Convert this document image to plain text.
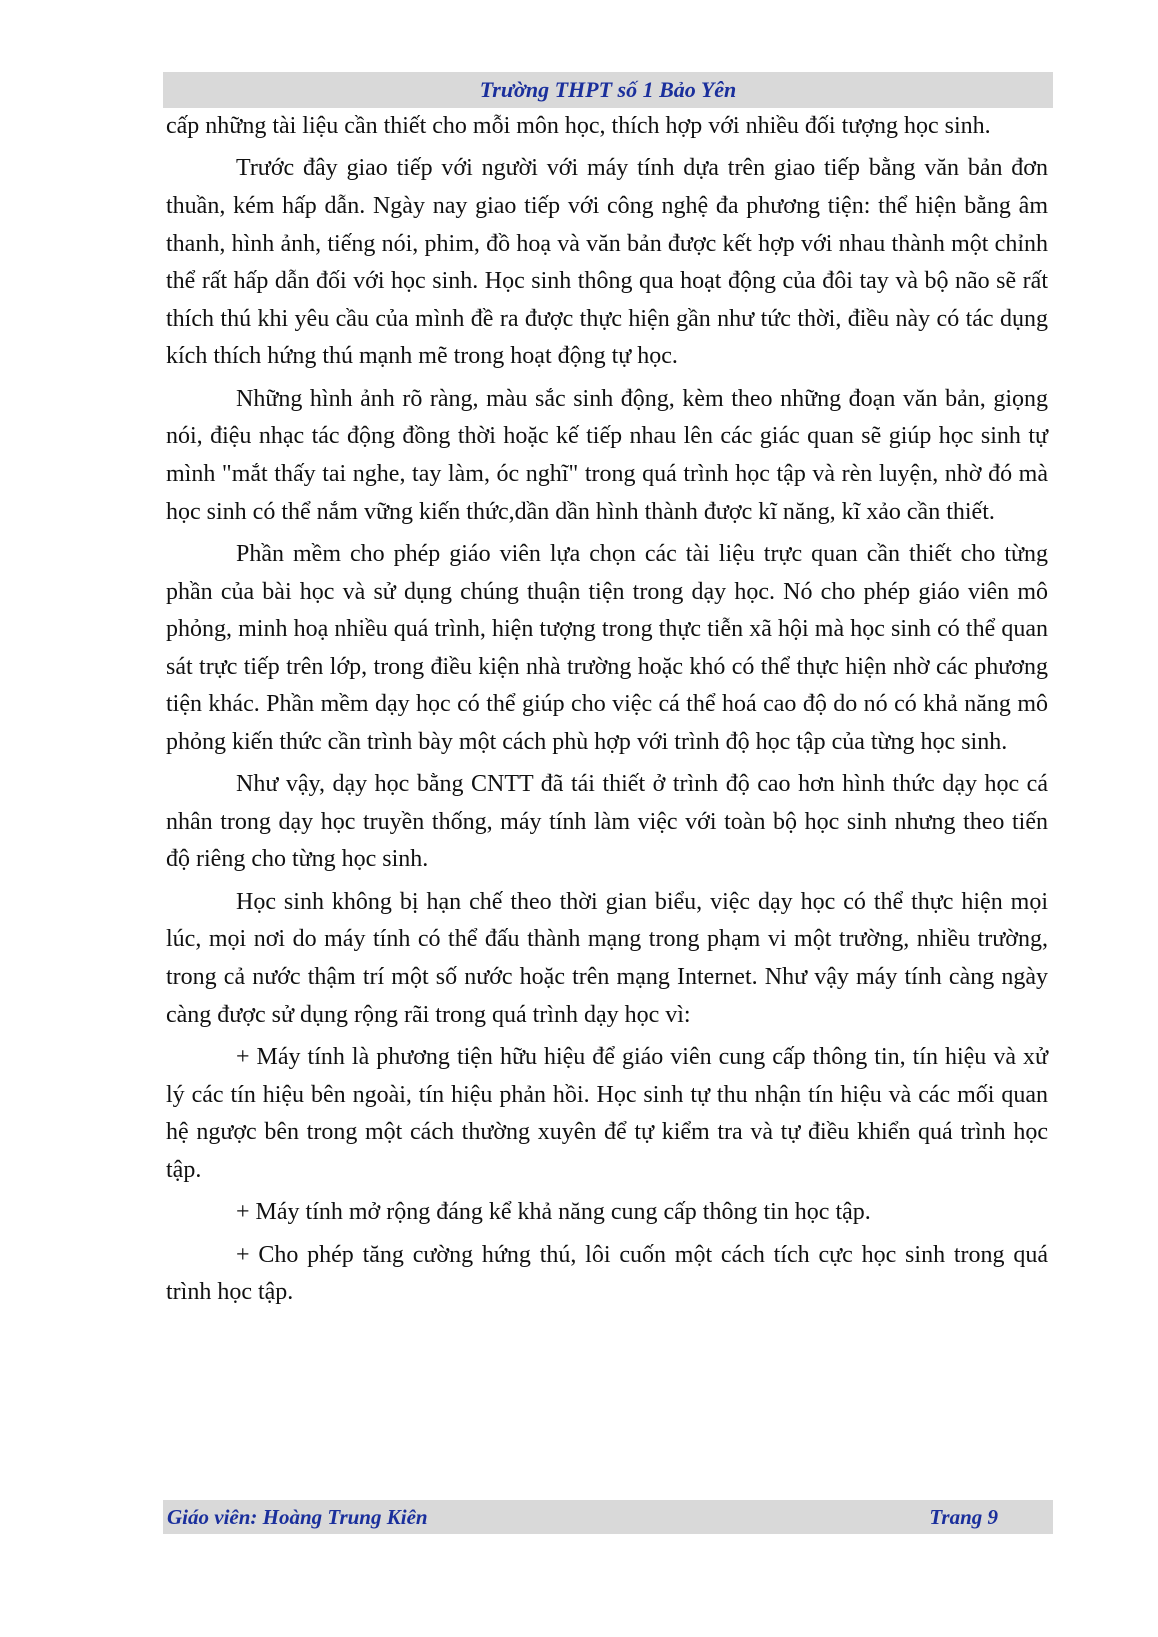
Trường THPT số 1 Bảo Yên

cấp những tài liệu cần thiết cho mỗi môn học, thích hợp với nhiều đối tượng học sinh.

Trước đây giao tiếp với người với máy tính dựa trên giao tiếp bằng văn bản đơn thuần, kém hấp dẫn. Ngày nay giao tiếp với công nghệ đa phương tiện: thể hiện bằng âm thanh, hình ảnh, tiếng nói, phim, đồ hoạ và văn bản được kết hợp với nhau thành một chỉnh thể rất hấp dẫn đối với học sinh. Học sinh thông qua hoạt động của đôi tay và bộ não sẽ rất thích thú khi yêu cầu của mình đề ra được thực hiện gần như tức thời, điều này có tác dụng kích thích hứng thú mạnh mẽ trong hoạt động tự học.

Những hình ảnh rõ ràng, màu sắc sinh động, kèm theo những đoạn văn bản, giọng nói, điệu nhạc tác động đồng thời hoặc kế tiếp nhau lên các giác quan sẽ giúp học sinh tự mình "mắt thấy tai nghe, tay làm, óc nghĩ" trong quá trình học tập và rèn luyện, nhờ đó mà học sinh có thể nắm vững kiến thức,dần dần hình thành được kĩ năng, kĩ xảo cần thiết.

Phần mềm cho phép giáo viên lựa chọn các tài liệu trực quan cần thiết cho từng phần của bài học và sử dụng chúng thuận tiện trong dạy học. Nó cho phép giáo viên mô phỏng, minh hoạ nhiều quá trình, hiện tượng trong thực tiễn xã hội mà học sinh có thể quan sát trực tiếp trên lớp, trong điều kiện nhà trường hoặc khó có thể thực hiện nhờ các phương tiện khác. Phần mềm dạy học có thể giúp cho việc cá thể hoá cao độ do nó có khả năng mô phỏng kiến thức cần trình bày một cách phù hợp với trình độ học tập của từng học sinh.

Như vậy, dạy học bằng CNTT đã tái thiết ở trình độ cao hơn hình thức dạy học cá nhân trong dạy học truyền thống, máy tính làm việc với toàn bộ học sinh nhưng theo tiến độ riêng cho từng học sinh.

Học sinh không bị hạn chế theo thời gian biểu, việc dạy học có thể thực hiện mọi lúc, mọi nơi do máy tính có thể đấu thành mạng trong phạm vi một trường, nhiều trường, trong cả nước thậm trí một số nước hoặc trên mạng Internet. Như vậy máy tính càng ngày càng được sử dụng rộng rãi trong quá trình dạy học vì:

+ Máy tính là phương tiện hữu hiệu để giáo viên cung cấp thông tin, tín hiệu và xử lý các tín hiệu bên ngoài, tín hiệu phản hồi. Học sinh tự thu nhận tín hiệu và các mối quan hệ ngược bên trong một cách thường xuyên để tự kiểm tra và tự điều khiển quá trình học tập.

+ Máy tính mở rộng đáng kể khả năng cung cấp thông tin học tập.

+ Cho phép tăng cường hứng thú, lôi cuốn một cách tích cực học sinh trong quá trình học tập.

Giáo viên: Hoàng Trung Kiên	Trang 9
